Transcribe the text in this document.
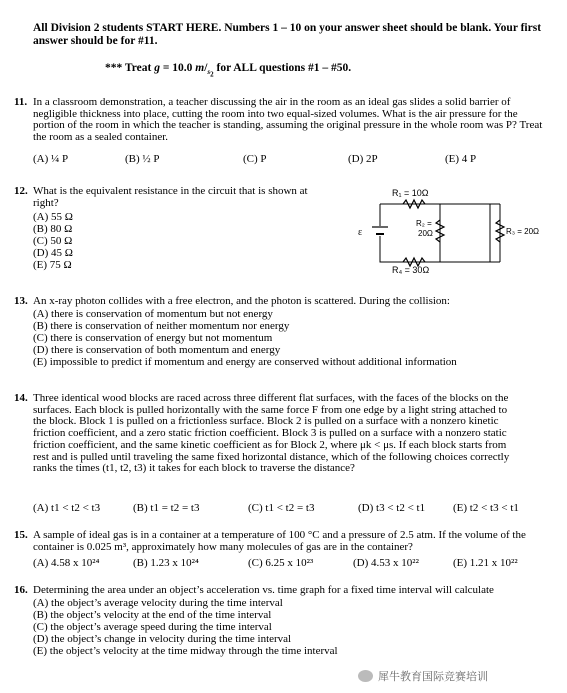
All Division 2 students START HERE. Numbers 1 – 10 on your answer sheet should be blank. Your first answer should be for #11.
*** Treat g = 10.0 $m/_{s_2}$ for ALL questions #1 – #50.
11. In a classroom demonstration, a teacher discussing the air in the room as an ideal gas slides a solid barrier of negligible thickness into place, cutting the room into two equal-sized volumes. What is the air pressure for the portion of the room in which the teacher is standing, assuming the original pressure in the whole room was P? Treat the room as a sealed container.
(A) ¼ P	(B) ½ P	(C) P	(D) 2P	(E) 4 P
12. What is the equivalent resistance in the circuit that is shown at right?
(A) 55 Ω
(B) 80 Ω
(C) 50 Ω
(D) 45 Ω
(E) 75 Ω
ε
R₁ = 10Ω
R₂ =
20Ω	R₃ = 20Ω
R₄ = 30Ω
13. An x-ray photon collides with a free electron, and the photon is scattered. During the collision:
(A) there is conservation of momentum but not energy
(B) there is conservation of neither momentum nor energy
(C) there is conservation of energy but not momentum
(D) there is conservation of both momentum and energy
(E) impossible to predict if momentum and energy are conserved without additional information
14. Three identical wood blocks are raced across three different flat surfaces, with the faces of the blocks on the surfaces. Each block is pulled horizontally with the same force F from one edge by a light string attached to the block. Block 1 is pulled on a frictionless surface. Block 2 is pulled on a surface with a nonzero kinetic friction coefficient, and a zero static friction coefficient. Block 3 is pulled on a surface with a nonzero static friction coefficient, and the same kinetic coefficient as for Block 2, where μk < μs. If each block starts from rest and is pulled until traveling the same fixed horizontal distance, which of the following choices correctly ranks the times (t1, t2, t3) it takes for each block to traverse the distance?
(A) t1 < t2 < t3	(B) t1 = t2 = t3	(C) t1 < t2 = t3	(D) t3 < t2 < t1	(E) t2 < t3 < t1
15. A sample of ideal gas is in a container at a temperature of 100 °C and a pressure of 2.5 atm. If the volume of the container is 0.025 m³, approximately how many molecules of gas are in the container?
(A) 4.58 x 10²⁴	(B) 1.23 x 10²⁴	(C) 6.25 x 10²³	(D) 4.53 x 10²²	(E) 1.21 x 10²²
16. Determining the area under an object’s acceleration vs. time graph for a fixed time interval will calculate
(A) the object’s average velocity during the time interval
(B) the object’s velocity at the end of the time interval
(C) the object’s average speed during the time interval
(D) the object’s change in velocity during the time interval
(E) the object’s velocity at the time midway through the time interval
犀牛教育国际竞赛培训
